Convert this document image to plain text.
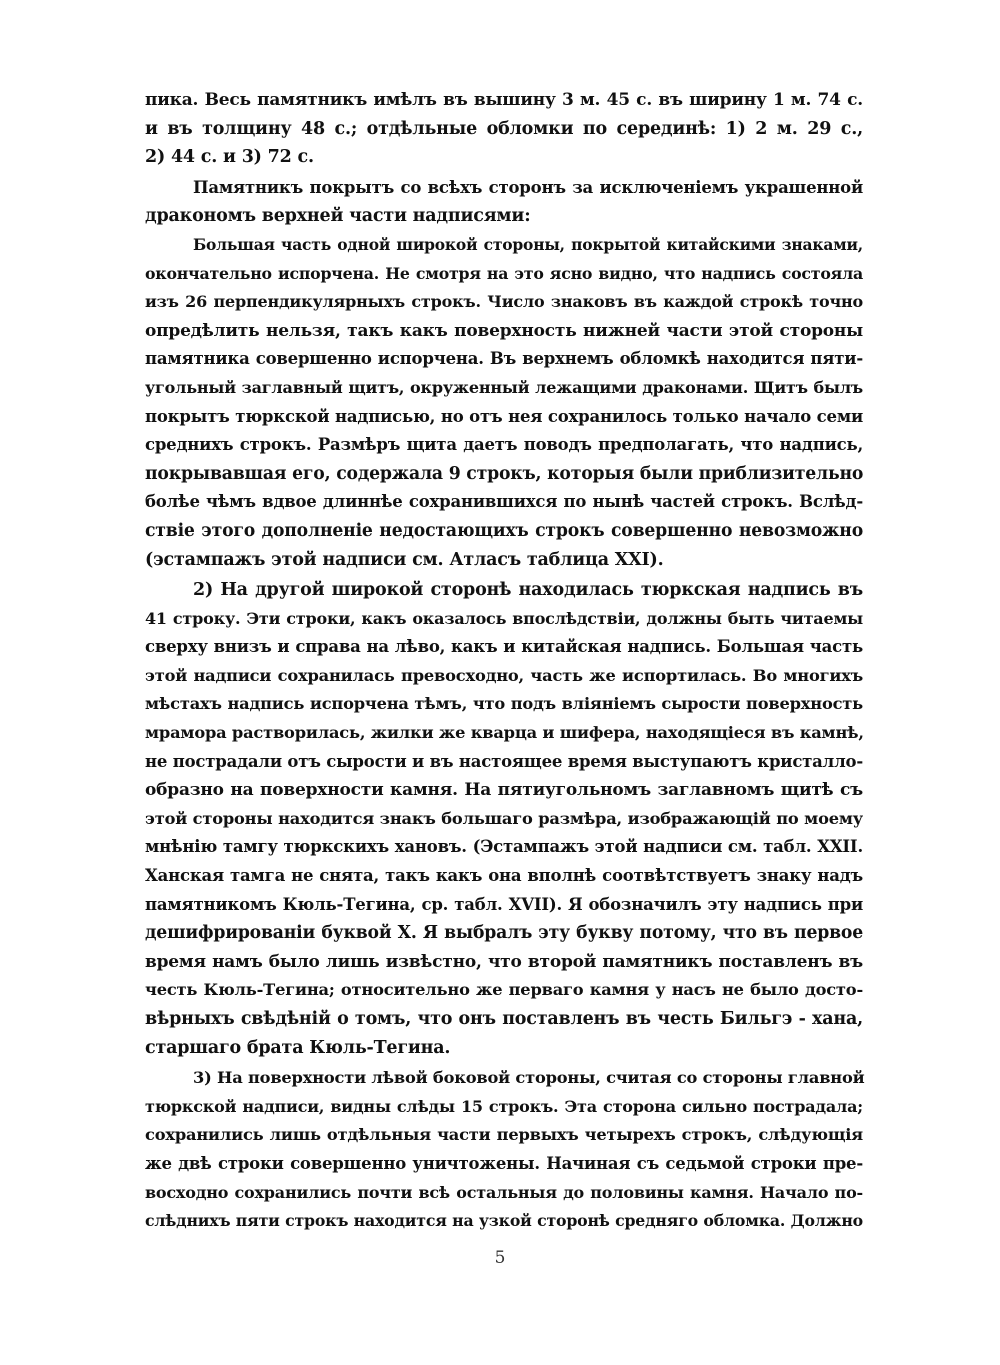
пика. Весь памятникъ имѣлъ въ вышину 3 м. 45 с. въ ширину 1 м. 74 с.
и въ толщину 48 с.; отдѣльные обломки по серединѣ: 1) 2 м. 29 с.,
2) 44 с. и 3) 72 с.
Памятникъ покрытъ со всѣхъ сторонъ за исключеніемъ украшенной
дракономъ верхней части надписями:
Большая часть одной широкой стороны, покрытой китайскими знаками,
окончательно испорчена. Не смотря на это ясно видно, что надпись состояла
изъ 26 перпендикулярныхъ строкъ. Число знаковъ въ каждой строкѣ точно
опредѣлить нельзя, такъ какъ поверхность нижней части этой стороны
памятника совершенно испорчена. Въ верхнемъ обломкѣ находится пяти-
угольный заглавный щитъ, окруженный лежащими драконами. Щитъ былъ
покрытъ тюркской надписью, но отъ нея сохранилось только начало семи
среднихъ строкъ. Размѣръ щита даетъ поводъ предполагать, что надпись,
покрывавшая его, содержала 9 строкъ, которыя были приблизительно
болѣе чѣмъ вдвое длиннѣе сохранившихся по нынѣ частей строкъ. Вслѣд-
ствіе этого дополненіе недостающихъ строкъ совершенно невозможно
(эстампажъ этой надписи см. Атласъ таблица XXI).
2) На другой широкой сторонѣ находилась тюркская надпись въ
41 строку. Эти строки, какъ оказалось впослѣдствіи, должны быть читаемы
сверху внизъ и справа на лѣво, какъ и китайская надпись. Большая часть
этой надписи сохранилась превосходно, часть же испортилась. Во многихъ
мѣстахъ надпись испорчена тѣмъ, что подъ вліяніемъ сырости поверхность
мрамора растворилась, жилки же кварца и шифера, находящіеся въ камнѣ,
не пострадали отъ сырости и въ настоящее время выступаютъ кристалло-
образно на поверхности камня. На пятиугольномъ заглавномъ щитѣ съ
этой стороны находится знакъ большаго размѣра, изображающій по моему
мнѣнію тамгу тюркскихъ хановъ. (Эстампажъ этой надписи см. табл. XXII.
Ханская тамга не снята, такъ какъ она вполнѣ соотвѣтствуетъ знаку надъ
памятникомъ Кюль-Тегина, ср. табл. XVII). Я обозначилъ эту надпись при
дешифрированіи буквой X. Я выбралъ эту букву потому, что въ первое
время намъ было лишь извѣстно, что второй памятникъ поставленъ въ
честь Кюль-Тегина; относительно же перваго камня у насъ не было досто-
вѣрныхъ свѣдѣній о томъ, что онъ поставленъ въ честь Бильгэ - хана,
старшаго брата Кюль-Тегина.
3) На поверхности лѣвой боковой стороны, считая со стороны главной
тюркской надписи, видны слѣды 15 строкъ. Эта сторона сильно пострадала;
сохранились лишь отдѣльныя части первыхъ четырехъ строкъ, слѣдующія
же двѣ строки совершенно уничтожены. Начиная съ седьмой строки пре-
восходно сохранились почти всѣ остальныя до половины камня. Начало по-
слѣднихъ пяти строкъ находится на узкой сторонѣ средняго обломка. Должно
5
